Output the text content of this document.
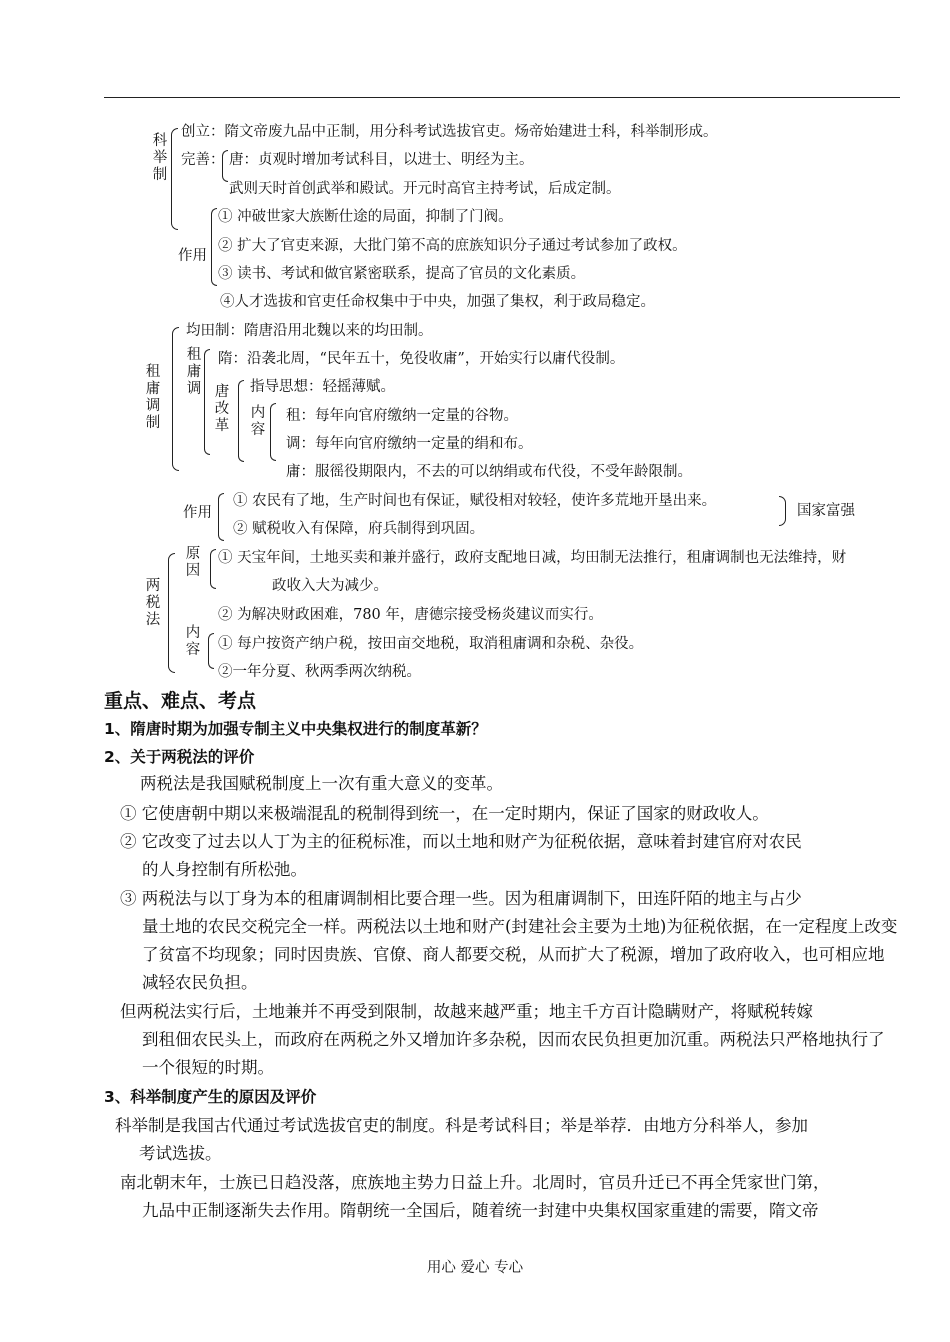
科举制
创立：隋文帝废九品中正制，用分科考试选拔官吏。炀帝始建进士科，科举制形成。
完善： 唐：贞观时增加考试科目，以进士、明经为主。
武则天时首创武举和殿试。开元时高官主持考试，后成定制。
作用
① 冲破世家大族断仕途的局面，抑制了门阀。
② 扩大了官吏来源，大批门第不高的庶族知识分子通过考试参加了政权。
③ 读书、考试和做官紧密联系，提高了官员的文化素质。
④人才选拔和官吏任命权集中于中央，加强了集权，利于政局稳定。
租庸调制
均田制：隋唐沿用北魏以来的均田制。
租庸调
隋：沿袭北周，“民年五十，免役收庸”，开始实行以庸代役制。
唐改革
指导思想：轻摇薄赋。
内容
租：每年向官府缴纳一定量的谷物。
调：每年向官府缴纳一定量的绢和布。
庸：服徭役期限内，不去的可以纳绢或布代役，不受年龄限制。
作用
① 农民有了地，生产时间也有保证，赋役相对较轻，使许多荒地开垦出来。
② 赋税收入有保障，府兵制得到巩固。
国家富强
两税法
原因
① 天宝年间，土地买卖和兼并盛行，政府支配地日减，均田制无法推行，租庸调制也无法维持，财
政收入大为减少。
② 为解决财政困难，780 年，唐德宗接受杨炎建议而实行。
内容 ① 每户按资产纳户税，按田亩交地税，取消租庸调和杂税、杂役。
②一年分夏、秋两季两次纳税。
重点、难点、考点
1、隋唐时期为加强专制主义中央集权进行的制度革新？
2、关于两税法的评价
两税法是我国赋税制度上一次有重大意义的变革。
① 它使唐朝中期以来极端混乱的税制得到统一，在一定时期内，保证了国家的财政收人。
② 它改变了过去以人丁为主的征税标准，而以土地和财产为征税依据，意味着封建官府对农民
的人身控制有所松弛。
③ 两税法与以丁身为本的租庸调制相比要合理一些。因为租庸调制下，田连阡陌的地主与占少
量土地的农民交税完全一样。两税法以土地和财产(封建社会主要为土地)为征税依据，在一定程度上改变了贫富不均现象；同时因贵族、官僚、商人都要交税，从而扩大了税源，增加了政府收入，也可相应地减轻农民负担。
但两税法实行后，土地兼并不再受到限制，故越来越严重；地主千方百计隐瞒财产，将赋税转嫁
到租佃农民头上，而政府在两税之外又增加许多杂税，因而农民负担更加沉重。两税法只严格地执行了一个很短的时期。
3、科举制度产生的原因及评价
科举制是我国古代通过考试选拔官吏的制度。科是考试科目；举是举荐．由地方分科举人，参加
考试选拔。
南北朝末年，士族已日趋没落，庶族地主势力日益上升。北周时，官员升迁已不再全凭家世门第，
九品中正制逐渐失去作用。隋朝统一全国后，随着统一封建中央集权国家重建的需要，隋文帝
用心 爱心 专心
